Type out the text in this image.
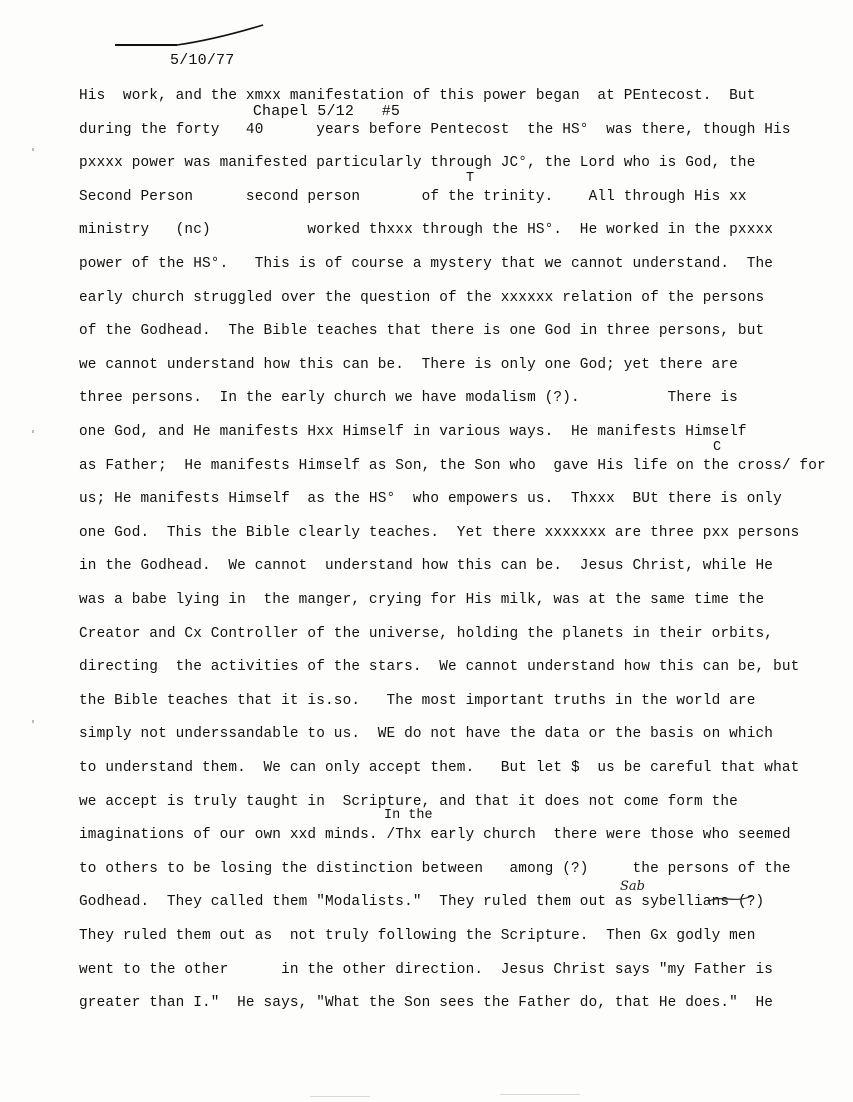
5/10/77

Chapel 5/12 #5

His  work, and the xmxx manifestation of this power began  at PEntecost.  But
during the forty   40      years before Pentecost  the HS°  was there, though His
pxxxx power was manifested particularly through JC°, the Lord who is God, the
Second Person      second person       of the trinity.    All through His xx
ministry   (nc)           worked thxxx through the HS°.  He worked in the pxxxx
power of the HS°.   This is of course a mystery that we cannot understand.  The
early church struggled over the question of the xxxxxx relation of the persons
of the Godhead.  The Bible teaches that there is one God in three persons, but
we cannot understand how this can be.  There is only one God; yet there are
three persons.  In the early church we have modalism (?).          There is
one God, and He manifests Hxx Himself in various ways.  He manifests Himself
as Father;  He manifests Himself as Son, the Son who  gave His life on the cross/ for
us; He manifests Himself  as the HS°  who empowers us.  Thxxx  BUt there is only
one God.  This the Bible clearly teaches.  Yet there xxxxxxx are three pxx persons
in the Godhead.  We cannot  understand how this can be.  Jesus Christ, while He
was a babe lying in  the manger, crying for His milk, was at the same time the
Creator and Cx Controller of the universe, holding the planets in their orbits,
directing  the activities of the stars.  We cannot understand how this can be, but
the Bible teaches that it is.so.   The most important truths in the world are
simply not underssandable to us.  WE do not have the data or the basis on which
to understand them.  We can only accept them.   But let $  us be careful that what
we accept is truly taught in  Scripture, and that it does not come form the
imaginations of our own xxd minds. /Thx early church  there were those who seemed
to others to be losing the distinction between   among (?)     the persons of the
Godhead.  They called them "Modalists."  They ruled them out as sybellians (?)
They ruled them out as  not truly following the Scripture.  Then Gx godly men
went to the other      in the other direction.  Jesus Christ says "my Father is
greater than I."  He says, "What the Son sees the Father do, that He does."  He
T
C
In the
Sab
